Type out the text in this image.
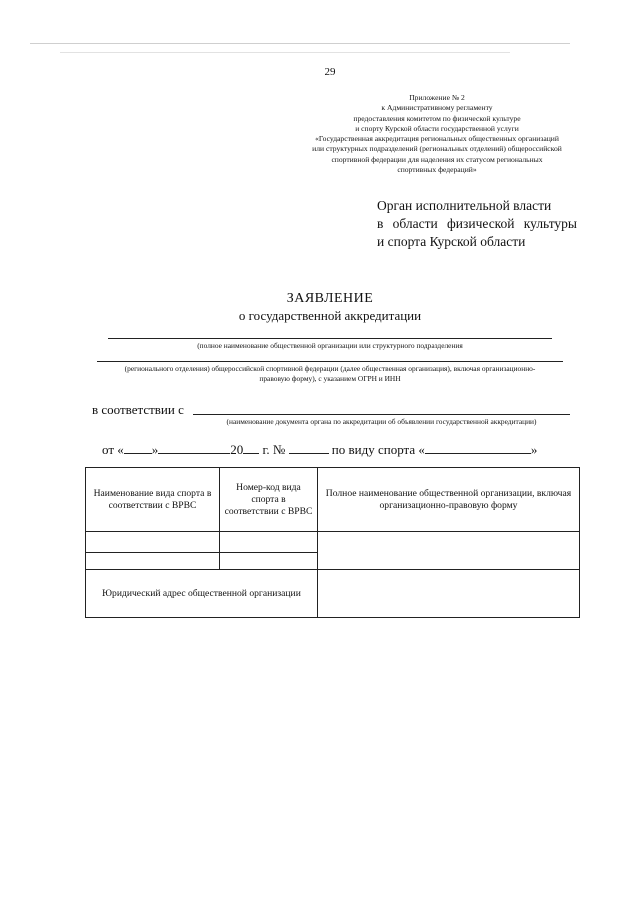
29
Приложение № 2
к Административному регламенту
предоставления комитетом по физической культуре
и спорту Курской области государственной услуги
«Государственная аккредитация региональных общественных организаций
или структурных подразделений (региональных отделений) общероссийской
спортивной федерации для наделения их статусом региональных
спортивных федераций»
Орган исполнительной власти
в области физической культуры
и спорта Курской области
ЗАЯВЛЕНИЕ
о государственной аккредитации
(полное наименование общественной организации или структурного подразделения
(регионального отделения) общероссийской спортивной федерации (далее общественная организация), включая организационно-
правовую форму), с указанием ОГРН и ИНН
в соответствии с
(наименование документа органа по аккредитации об объявлении государственной аккредитации)
от « »	20 г. №	по виду спорта «	»
Наименование вида спорта в соответствии с ВРВС	Номер-код вида спорта в соответствии с ВРВС	Полное наименование общественной организации, включая организационно-правовую форму

Юридический адрес общественной организации		
